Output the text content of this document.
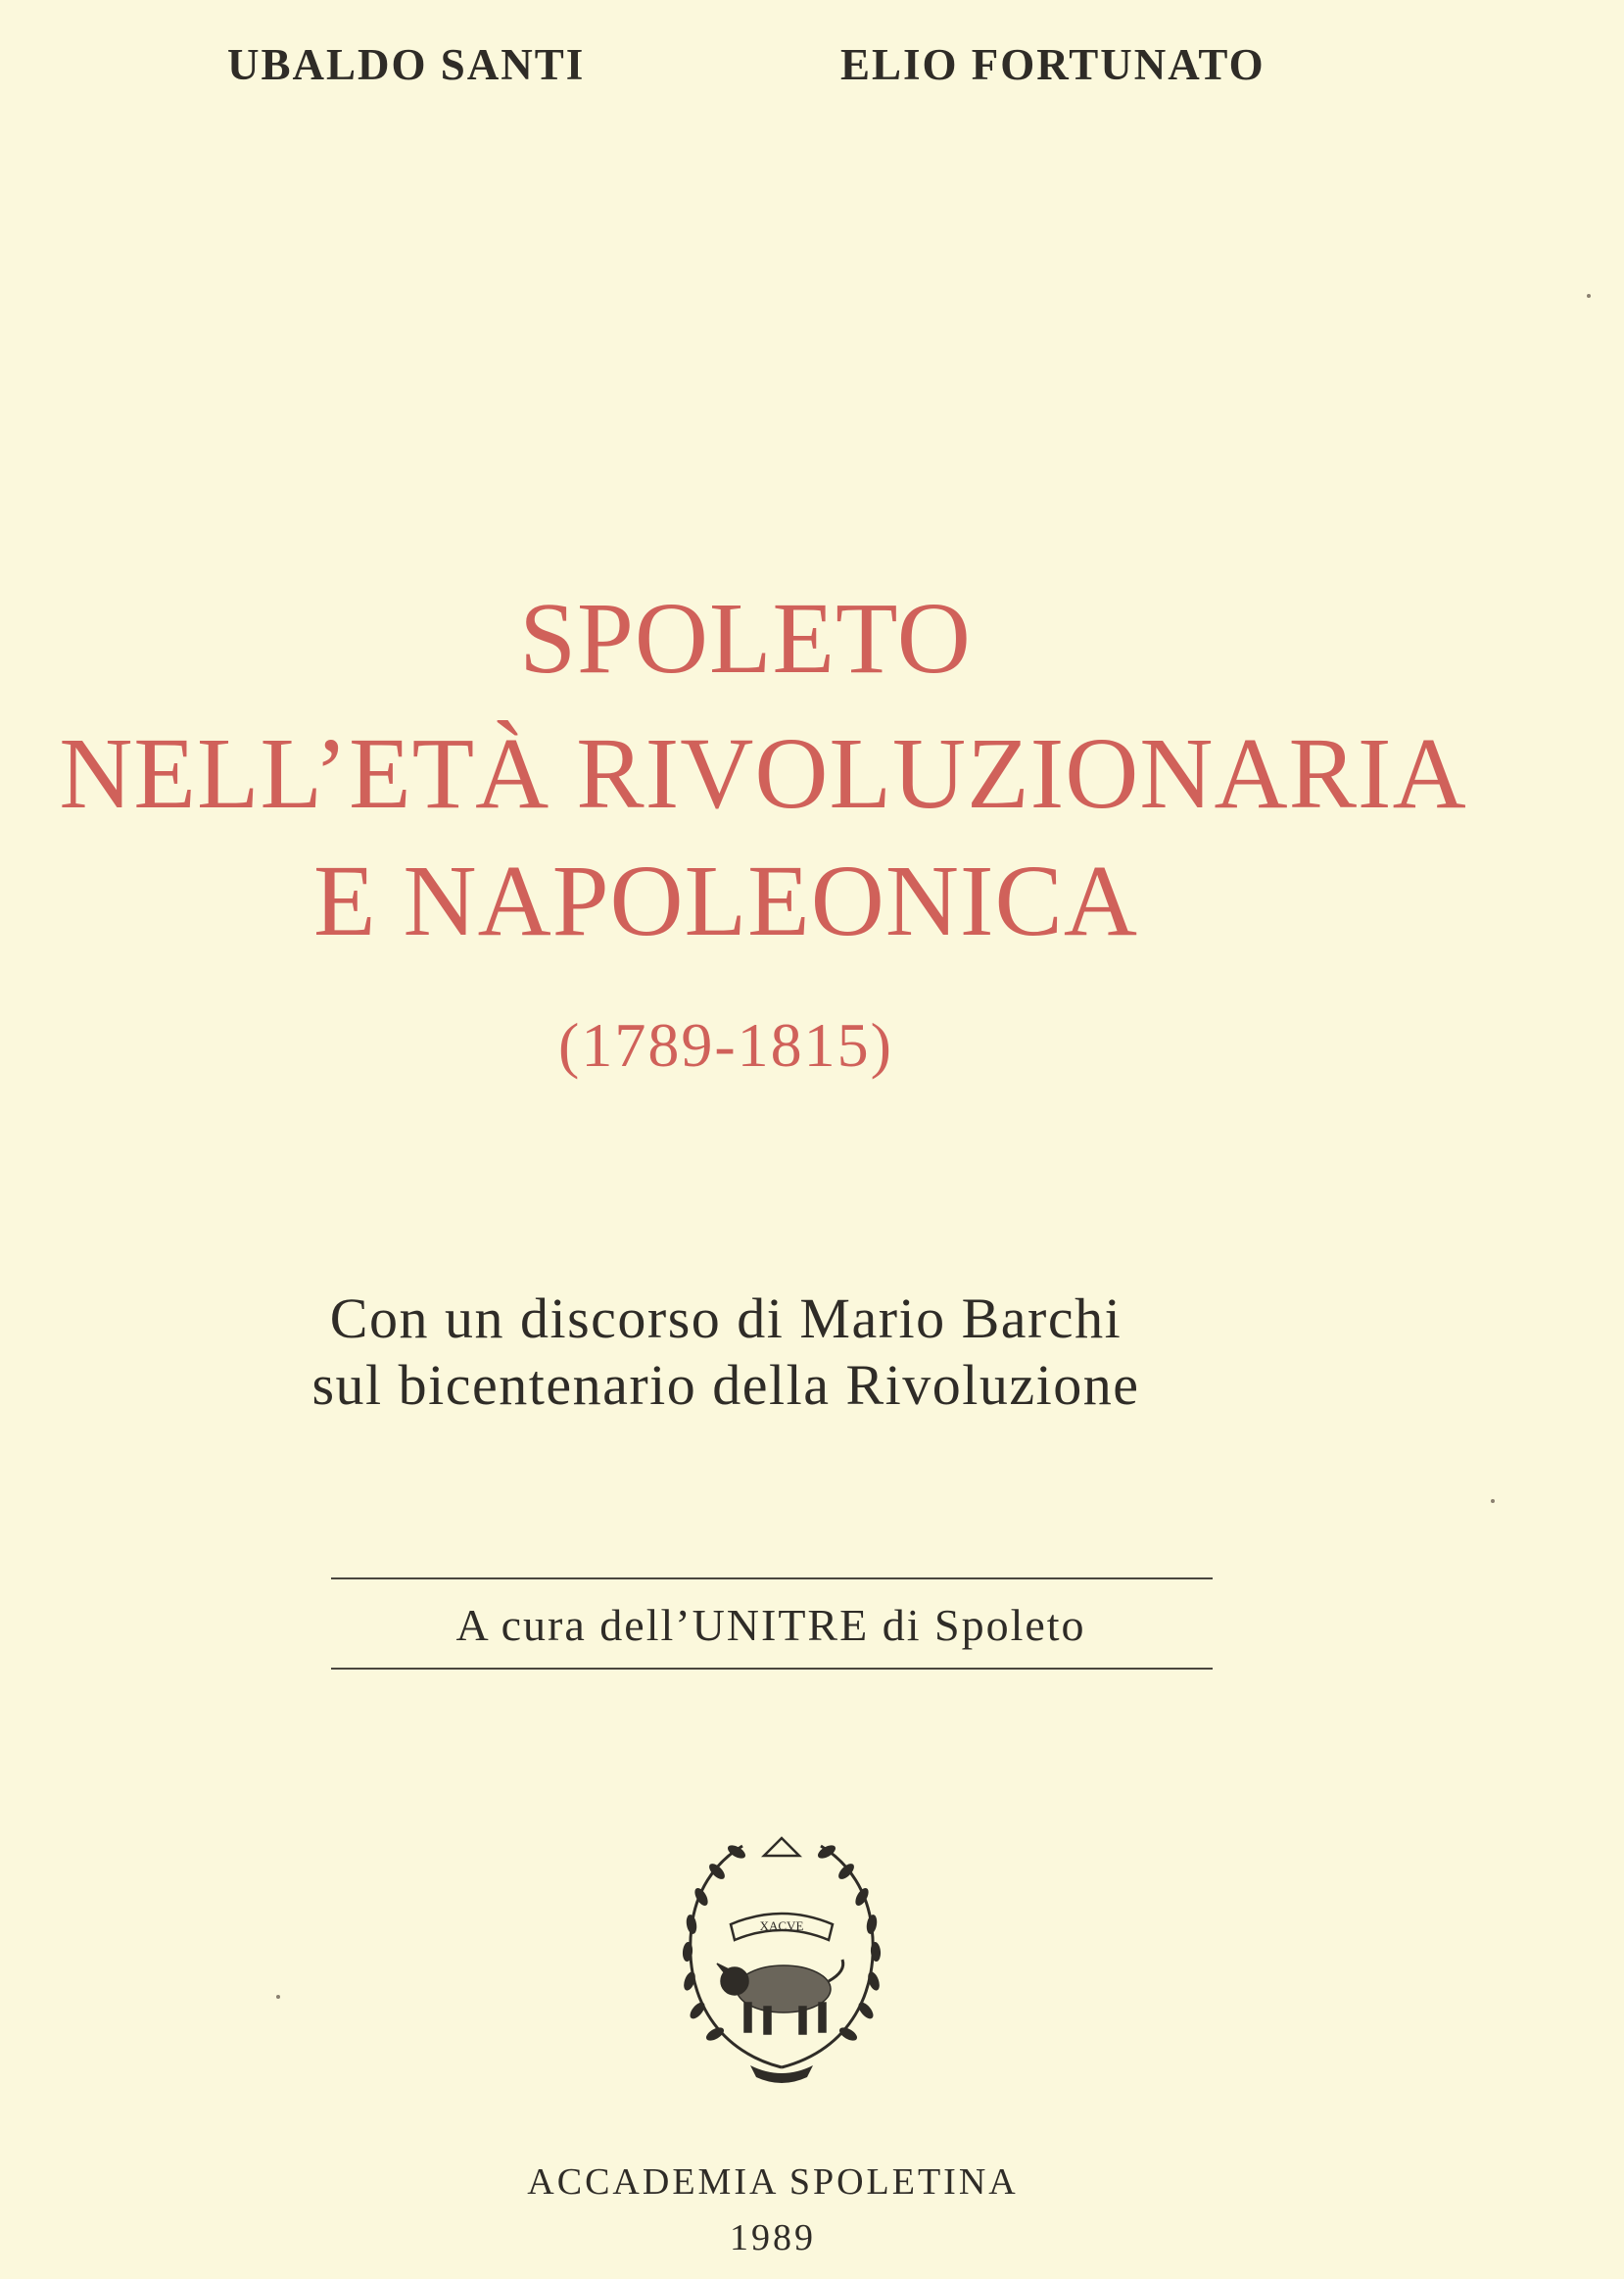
UBALDO SANTI	ELIO FORTUNATO
SPOLETO
NELL’ETÀ RIVOLUZIONARIA
E NAPOLEONICA
(1789-1815)
Con un discorso di Mario Barchi
sul bicentenario della Rivoluzione
A cura dell’UNITRE di Spoleto
XACVE
ACCADEMIA SPOLETINA
1989
